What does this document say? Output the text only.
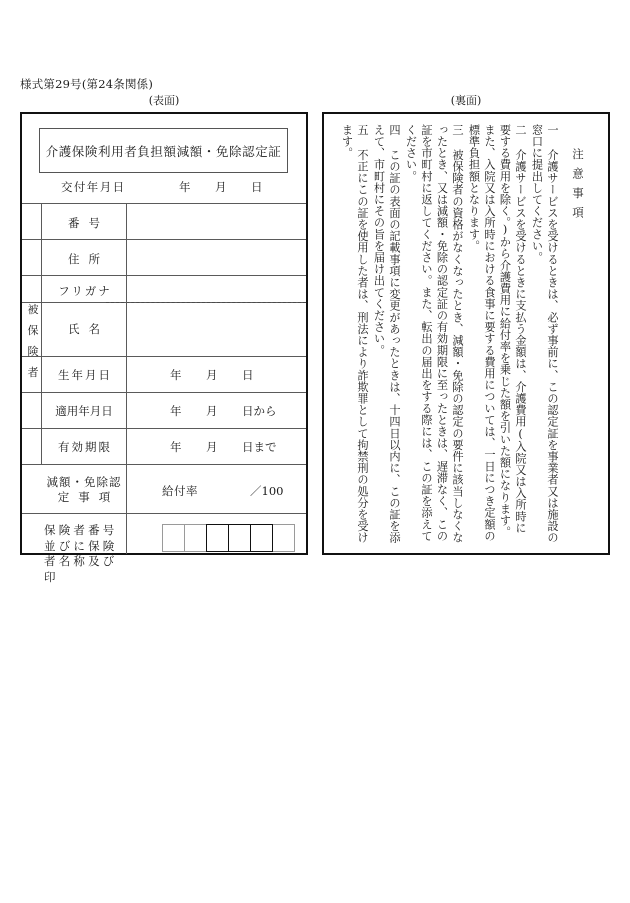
様式第29号(第24条関係)
(表面)	(裏面)
介護保険利用者負担額減額・免除認定証
交付年月日	年 月 日
被
保
険
者
番号
住所
フリガナ
氏名
生年月日	年 月 日
適用年月日	年 月 日から
有効期限	年 月 日まで
減額・免除認
定事項	給付率	／100
保険者番号
並びに保険
者名称及び
印
注意事項
一 介護サービスを受けるときは、必ず事前に、この認定証を事業者又は施設の窓口に提出してください。
二 介護サービスを受けるときに支払う金額は、介護費用(入院又は入所時に要する費用を除く。)から介護費用に給付率を乗じた額を引いた額になります。また、入院又は入所時における食事に要する費用については、一日につき定額の標準負担額となります。
三 被保険者の資格がなくなったとき、減額・免除の認定の要件に該当しなくなったとき、又は減額・免除の認定証の有効期限に至ったときは、遅滞なく、この証を市町村に返してください。また、転出の届出をする際には、この証を添えてください。
四 この証の表面の記載事項に変更があったときは、十四日以内に、この証を添えて、市町村にその旨を届け出てください。
五 不正にこの証を使用した者は、刑法により詐欺罪として拘禁刑の処分を受けます。
